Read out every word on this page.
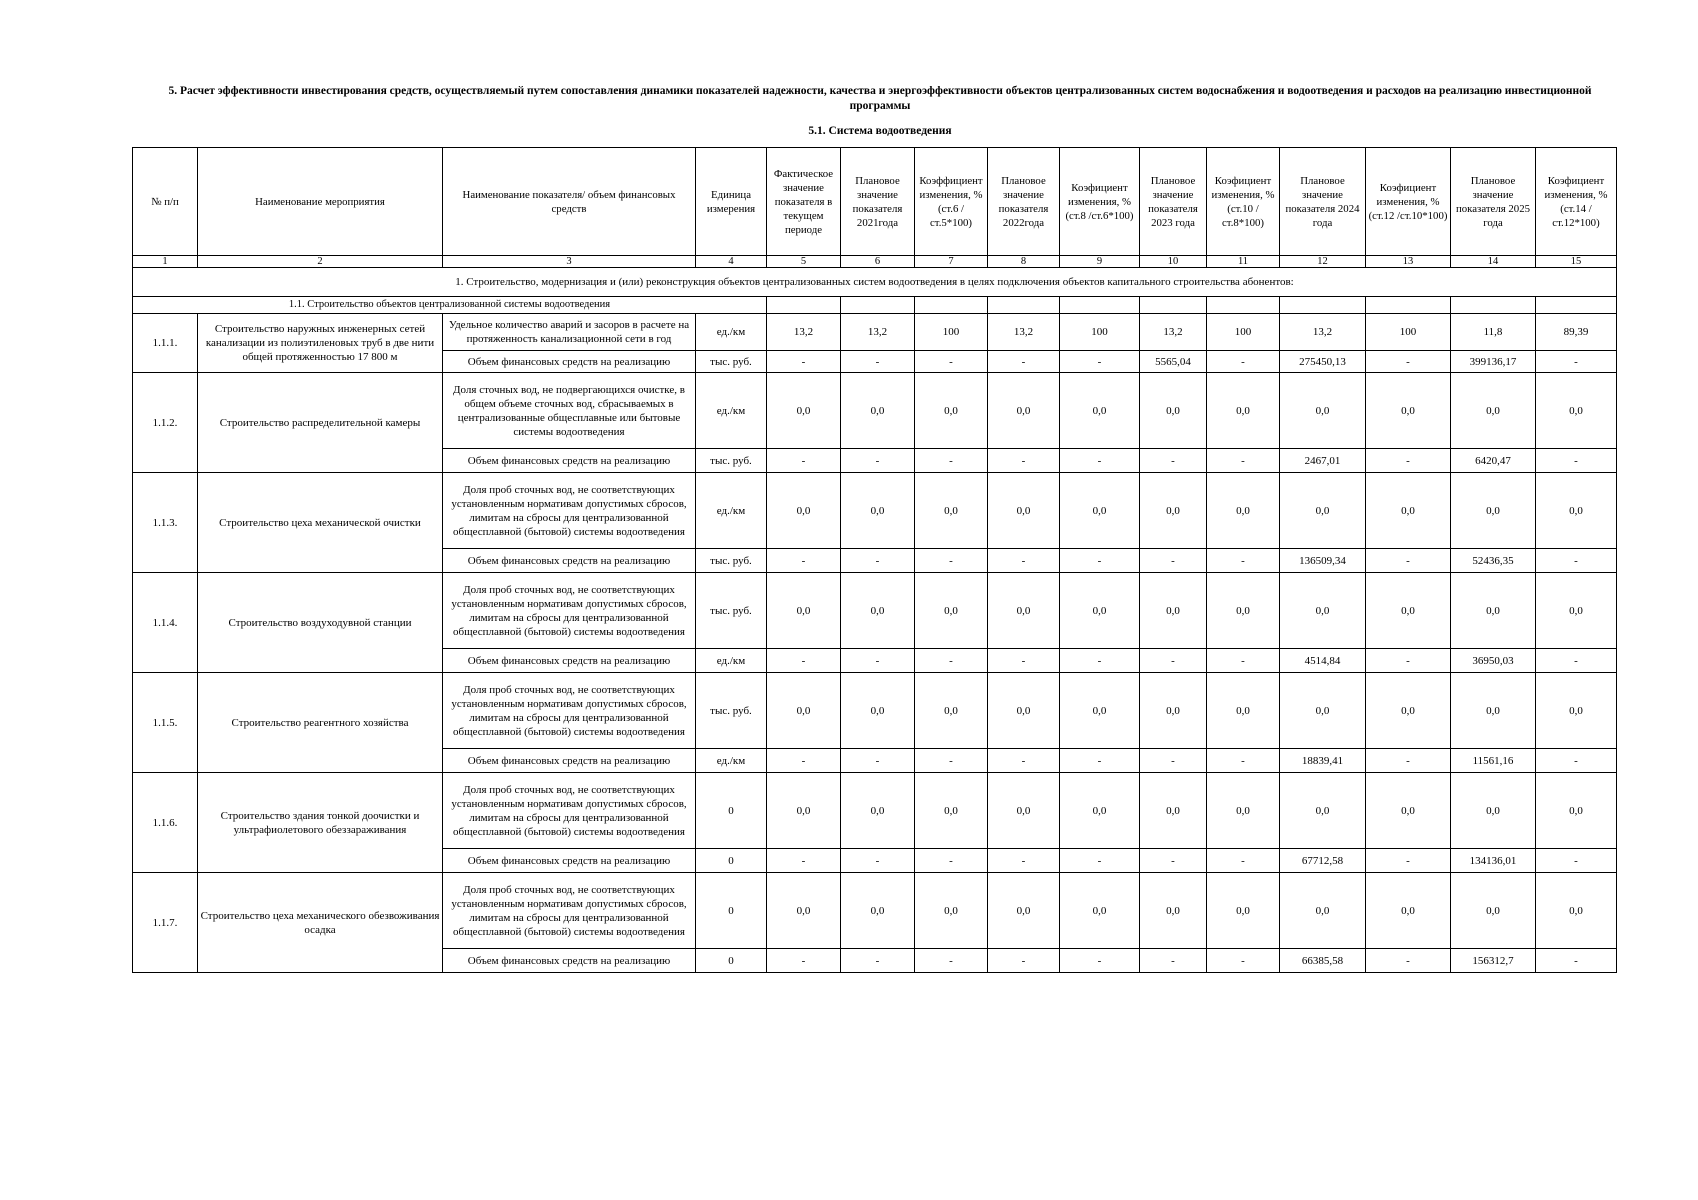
5. Расчет эффективности инвестирования средств, осуществляемый путем сопоставления динамики показателей надежности, качества и энергоэффективности объектов централизованных систем водоснабжения и водоотведения и расходов на реализацию инвестиционной программы
5.1. Система водоотведения
№ п/п	Наименование мероприятия	Наименование показателя/ объем финансовых средств	Единица измерения	Фактическое значение показателя в текущем периоде	Плановое значение показателя 2021года	Коэффициент изменения, % (ст.6 /ст.5*100)	Плановое значение показателя 2022года	Коэфициент изменения, % (ст.8 /ст.6*100)	Плановое значение показателя 2023 года	Коэфициент изменения, % (ст.10 /ст.8*100)	Плановое значение показателя 2024 года	Коэфициент изменения, % (ст.12 /ст.10*100)	Плановое значение показателя 2025 года	Коэфициент изменения, % (ст.14 /ст.12*100)
1	2	3	4	5	6	7	8	9	10	11	12	13	14	15
1. Строительство, модернизация и (или) реконструкция объектов централизованных систем водоотведения в целях подключения объектов капитального строительства абонентов:														
1.1. Строительство объектов централизованной системы водоотведения														
1.1.1.	Строительство наружных инженерных сетей канализации из полиэтиленовых труб в две нити общей протяженностью 17 800 м	Удельное количество аварий и засоров в расчете на протяженность канализационной сети в год	ед./км	13,2	13,2	100	13,2	100	13,2	100	13,2	100	11,8	89,39
		Объем финансовых средств на реализацию	тыс. руб.	-	-	-	-	-	5565,04	-	275450,13	-	399136,17	-
1.1.2.	Строительство распределительной камеры	Доля сточных вод, не подвергающихся очистке, в общем объеме сточных вод, сбрасываемых в централизованные общесплавные или бытовые системы водоотведения	ед./км	0,0	0,0	0,0	0,0	0,0	0,0	0,0	0,0	0,0	0,0	0,0
		Объем финансовых средств на реализацию	тыс. руб.	-	-	-	-	-	-	-	2467,01	-	6420,47	-
1.1.3.	Строительство цеха механической очистки	Доля проб сточных вод, не соответствующих установленным нормативам допустимых сбросов, лимитам на сбросы для централизованной общесплавной (бытовой) системы водоотведения	ед./км	0,0	0,0	0,0	0,0	0,0	0,0	0,0	0,0	0,0	0,0	0,0
		Объем финансовых средств на реализацию	тыс. руб.	-	-	-	-	-	-	-	136509,34	-	52436,35	-
1.1.4.	Строительство воздуходувной станции	Доля проб сточных вод, не соответствующих установленным нормативам допустимых сбросов, лимитам на сбросы для централизованной общесплавной (бытовой) системы водоотведения	тыс. руб.	0,0	0,0	0,0	0,0	0,0	0,0	0,0	0,0	0,0	0,0	0,0
		Объем финансовых средств на реализацию	ед./км	-	-	-	-	-	-	-	4514,84	-	36950,03	-
1.1.5.	Строительство реагентного хозяйства	Доля проб сточных вод, не соответствующих установленным нормативам допустимых сбросов, лимитам на сбросы для централизованной общесплавной (бытовой) системы водоотведения	тыс. руб.	0,0	0,0	0,0	0,0	0,0	0,0	0,0	0,0	0,0	0,0	0,0
		Объем финансовых средств на реализацию	ед./км	-	-	-	-	-	-	-	18839,41	-	11561,16	-
1.1.6.	Строительство здания тонкой доочистки и ультрафиолетового обеззараживания	Доля проб сточных вод, не соответствующих установленным нормативам допустимых сбросов, лимитам на сбросы для централизованной общесплавной (бытовой) системы водоотведения	0	0,0	0,0	0,0	0,0	0,0	0,0	0,0	0,0	0,0	0,0	0,0
		Объем финансовых средств на реализацию	0	-	-	-	-	-	-	-	67712,58	-	134136,01	-
1.1.7.	Строительство цеха механического обезвоживания осадка	Доля проб сточных вод, не соответствующих установленным нормативам допустимых сбросов, лимитам на сбросы для централизованной общесплавной (бытовой) системы водоотведения	0	0,0	0,0	0,0	0,0	0,0	0,0	0,0	0,0	0,0	0,0	0,0
		Объем финансовых средств на реализацию	0	-	-	-	-	-	-	-	66385,58	-	156312,7	-
